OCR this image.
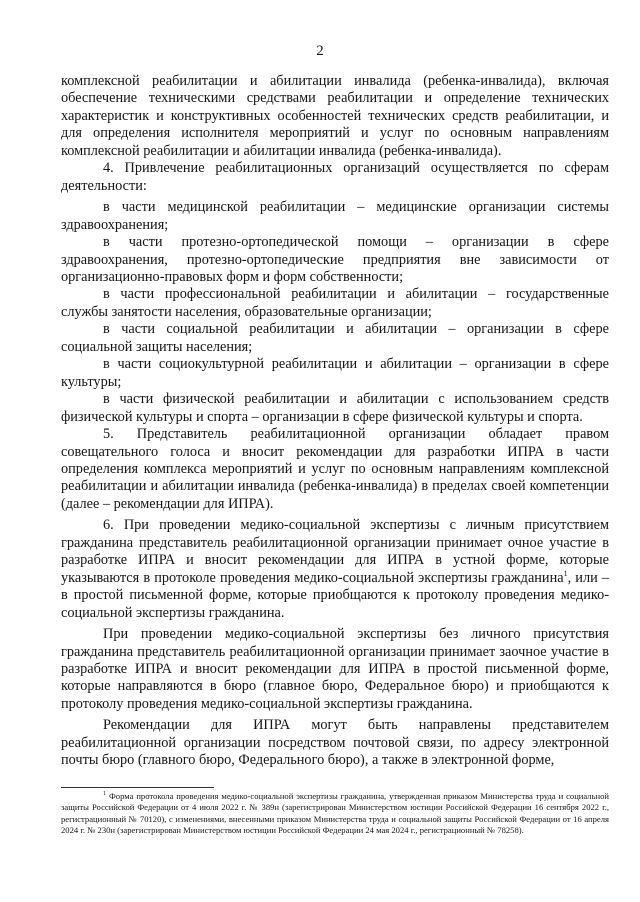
2

комплексной реабилитации и абилитации инвалида (ребенка-инвалида), включая обеспечение техническими средствами реабилитации и определение технических характеристик и конструктивных особенностей технических средств реабилитации, и для определения исполнителя мероприятий и услуг по основным направлениям комплексной реабилитации и абилитации инвалида (ребенка-инвалида).

4. Привлечение реабилитационных организаций осуществляется по сферам деятельности:

в части медицинской реабилитации – медицинские организации системы здравоохранения;

в части протезно-ортопедической помощи – организации в сфере здравоохранения, протезно-ортопедические предприятия вне зависимости от организационно-правовых форм и форм собственности;

в части профессиональной реабилитации и абилитации – государственные службы занятости населения, образовательные организации;

в части социальной реабилитации и абилитации – организации в сфере социальной защиты населения;

в части социокультурной реабилитации и абилитации – организации в сфере культуры;

в части физической реабилитации и абилитации с использованием средств физической культуры и спорта – организации в сфере физической культуры и спорта.

5. Представитель реабилитационной организации обладает правом совещательного голоса и вносит рекомендации для разработки ИПРА в части определения комплекса мероприятий и услуг по основным направлениям комплексной реабилитации и абилитации инвалида (ребенка-инвалида) в пределах своей компетенции (далее – рекомендации для ИПРА).

6. При проведении медико-социальной экспертизы с личным присутствием гражданина представитель реабилитационной организации принимает очное участие в разработке ИПРА и вносит рекомендации для ИПРА в устной форме, которые указываются в протоколе проведения медико-социальной экспертизы гражданина$^1$, или – в простой письменной форме, которые приобщаются к протоколу проведения медико-социальной экспертизы гражданина.

При проведении медико-социальной экспертизы без личного присутствия гражданина представитель реабилитационной организации принимает заочное участие в разработке ИПРА и вносит рекомендации для ИПРА в простой письменной форме, которые направляются в бюро (главное бюро, Федеральное бюро) и приобщаются к протоколу проведения медико-социальной экспертизы гражданина.

Рекомендации для ИПРА могут быть направлены представителем реабилитационной организации посредством почтовой связи, по адресу электронной почты бюро (главного бюро, Федерального бюро), а также в электронной форме,

$^1$ Форма протокола проведения медико-социальной экспертизы гражданина, утвержденная приказом Министерства труда и социальной защиты Российской Федерации от 4 июля 2022 г. № 389н (зарегистрирован Министерством юстиции Российской Федерации 16 сентября 2022 г., регистрационный № 70120), с изменениями, внесенными приказом Министерства труда и социальной защиты Российской Федерации от 16 апреля 2024 г. № 230н (зарегистрирован Министерством юстиции Российской Федерации 24 мая 2024 г., регистрационный № 78258).
